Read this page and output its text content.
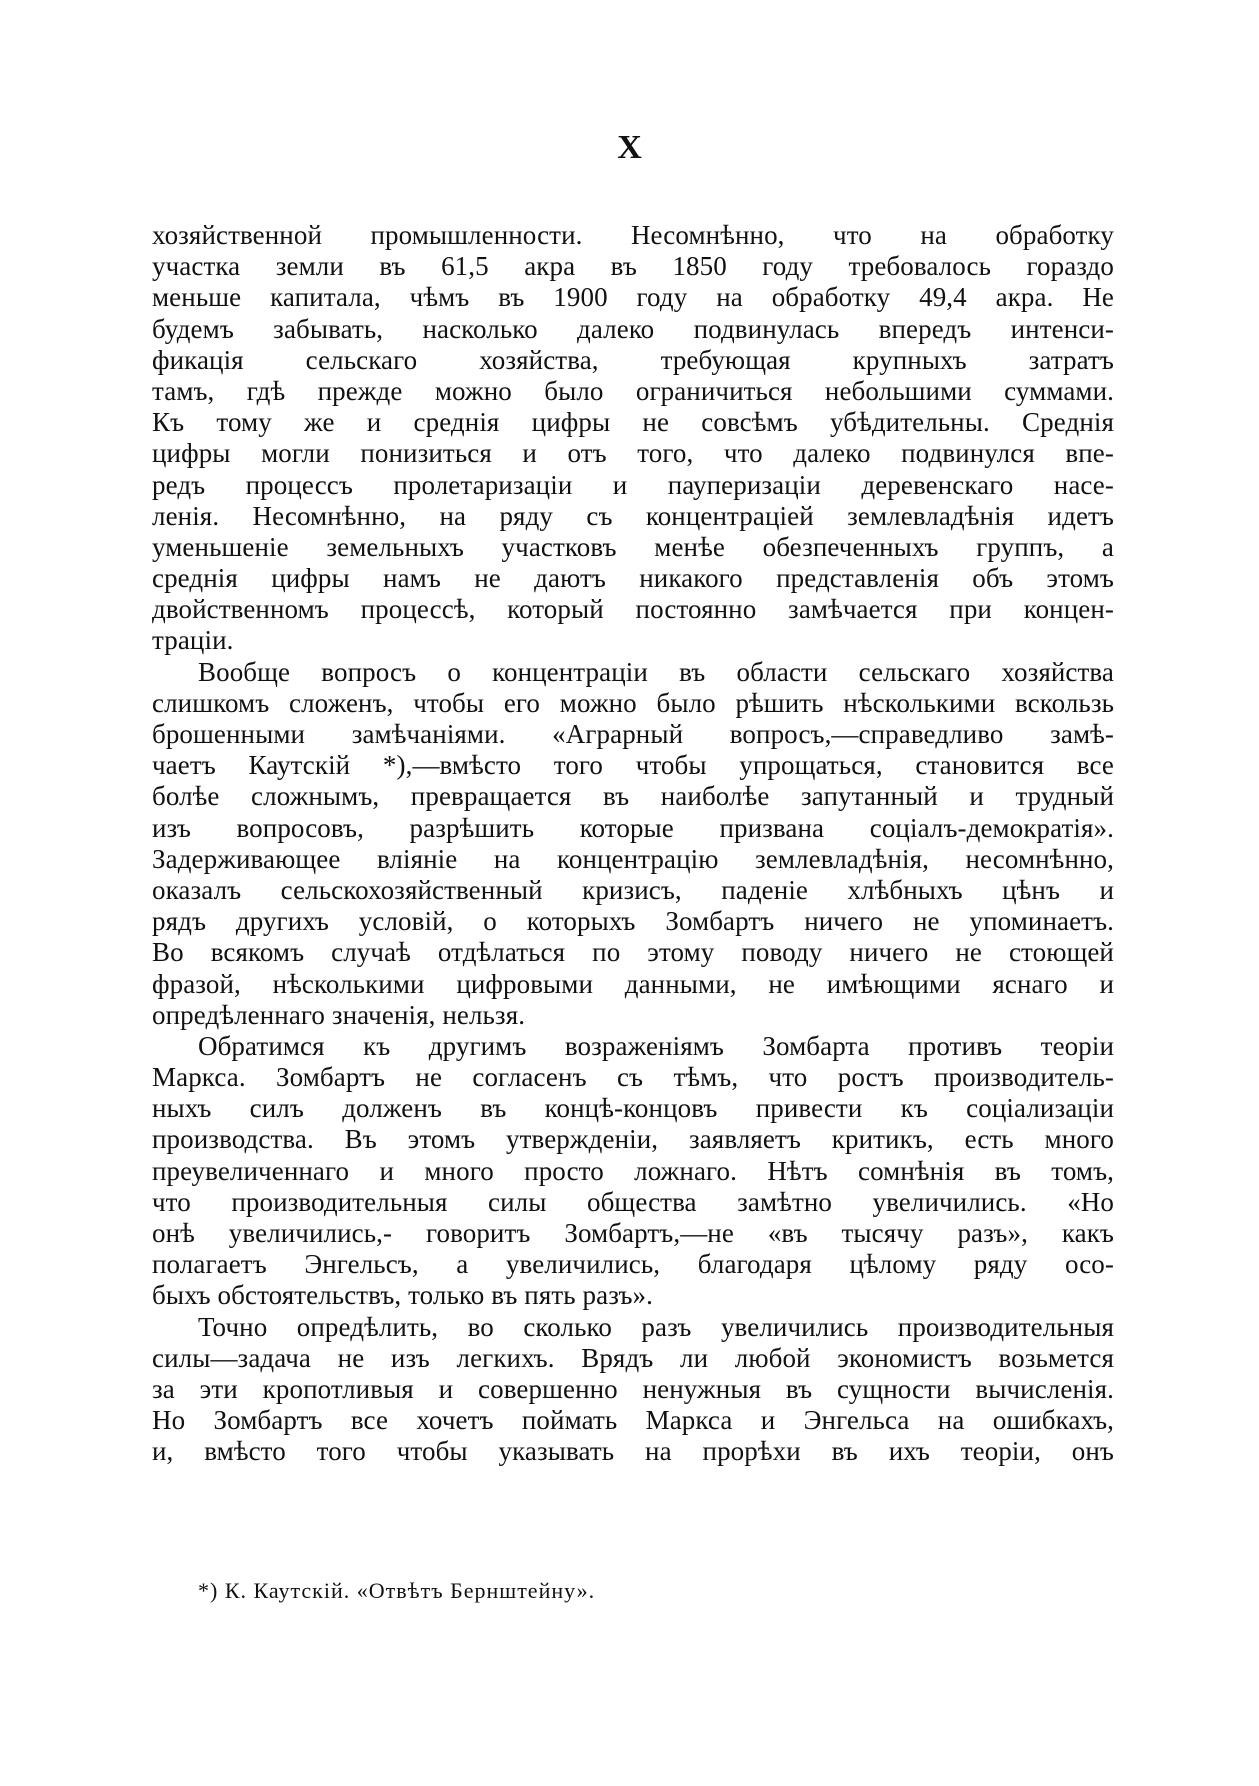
X
хозяйственной промышленности. Несомнѣнно, что на обработку
участка земли въ 61,5 акра въ 1850 году требовалось гораздо
меньше капитала, чѣмъ въ 1900 году на обработку 49,4 акра. Не
будемъ забывать, насколько далеко подвинулась впередъ интенси-
фикація сельскаго хозяйства, требующая крупныхъ затратъ
тамъ, гдѣ прежде можно было ограничиться небольшими суммами.
Къ тому же и среднія цифры не совсѣмъ убѣдительны. Среднія
цифры могли понизиться и отъ того, что далеко подвинулся впе-
редъ процессъ пролетаризаціи и пауперизаціи деревенскаго насе-
ленія. Несомнѣнно, на ряду съ концентраціей землевладѣнія идетъ
уменьшеніе земельныхъ участковъ менѣе обезпеченныхъ группъ, а
среднія цифры намъ не даютъ никакого представленія объ этомъ
двойственномъ процессѣ, который постоянно замѣчается при концен-
траціи.
Вообще вопросъ о концентраціи въ области сельскаго хозяйства
слишкомъ сложенъ, чтобы его можно было рѣшить нѣсколькими вскользь
брошенными замѣчаніями. «Аграрный вопросъ,—справедливо замѣ-
чаетъ Каутскій *),—вмѣсто того чтобы упрощаться, становится все
болѣе сложнымъ, превращается въ наиболѣе запутанный и трудный
изъ вопросовъ, разрѣшить которые призвана соціалъ-демократія».
Задерживающее вліяніе на концентрацію землевладѣнія, несомнѣнно,
оказалъ сельскохозяйственный кризисъ, паденіе хлѣбныхъ цѣнъ и
рядъ другихъ условій, о которыхъ Зомбартъ ничего не упоминаетъ.
Во всякомъ случаѣ отдѣлаться по этому поводу ничего не стоющей
фразой, нѣсколькими цифровыми данными, не имѣющими яснаго и
опредѣленнаго значенія, нельзя.
Обратимся къ другимъ возраженіямъ Зомбарта противъ теоріи
Маркса. Зомбартъ не согласенъ съ тѣмъ, что ростъ производитель-
ныхъ силъ долженъ въ концѣ-концовъ привести къ соціализаціи
производства. Въ этомъ утвержденіи, заявляетъ критикъ, есть много
преувеличеннаго и много просто ложнаго. Нѣтъ сомнѣнія въ томъ,
что производительныя силы общества замѣтно увеличились. «Но
онѣ увеличились,- говоритъ Зомбартъ,—не «въ тысячу разъ», какъ
полагаетъ Энгельсъ, а увеличились, благодаря цѣлому ряду осо-
быхъ обстоятельствъ, только въ пять разъ».
Точно опредѣлить, во сколько разъ увеличились производительныя
силы—задача не изъ легкихъ. Врядъ ли любой экономистъ возьмется
за эти кропотливыя и совершенно ненужныя въ сущности вычисленія.
Но Зомбартъ все хочетъ поймать Маркса и Энгельса на ошибкахъ,
и, вмѣсто того чтобы указывать на прорѣхи въ ихъ теоріи, онъ
*) К. Каутскій. «Отвѣтъ Бернштейну».
